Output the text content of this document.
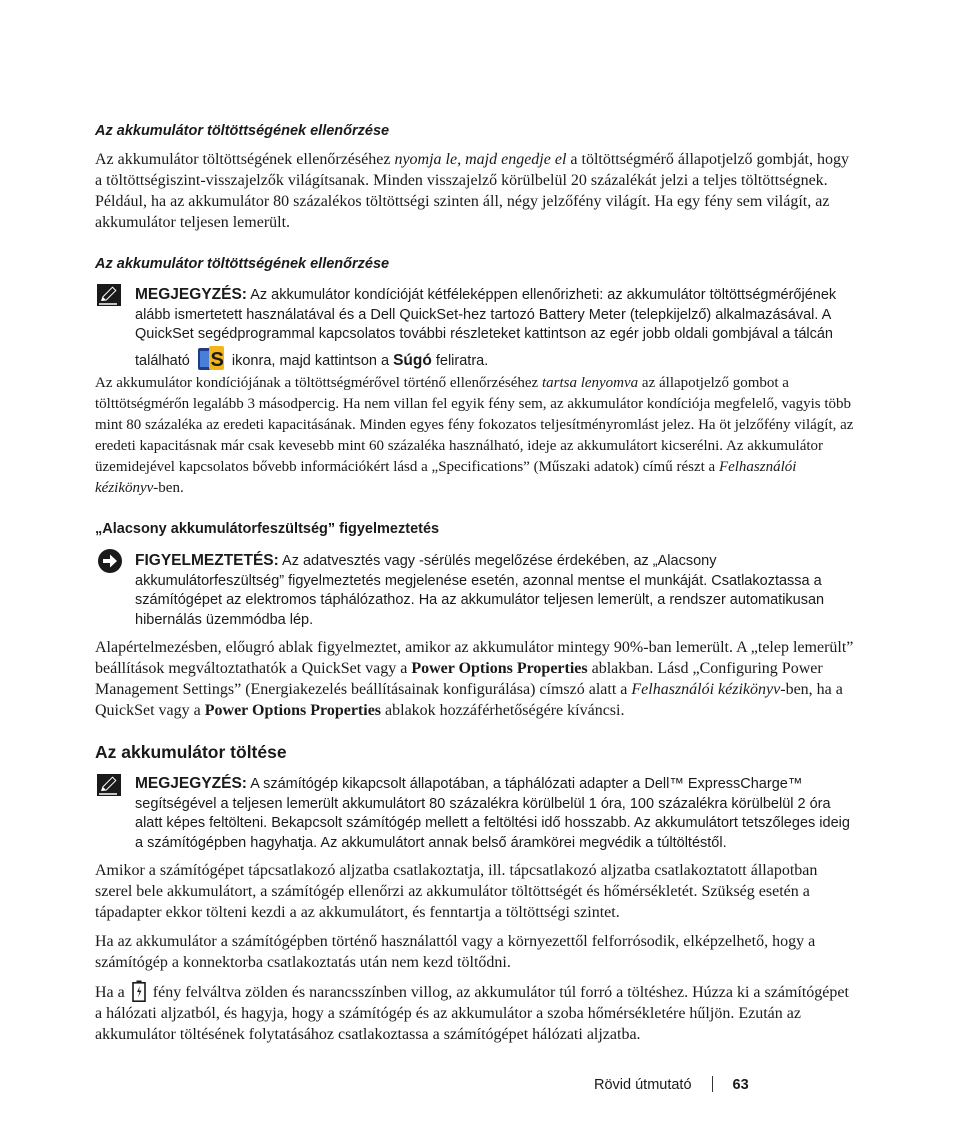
Az akkumulátor töltöttségének ellenőrzése
Az akkumulátor töltöttségének ellenőrzéséhez nyomja le, majd engedje el a töltöttségmérő állapotjelző gombját, hogy a töltöttségiszint-visszajelzők világítsanak. Minden visszajelző körülbelül 20 százalékát jelzi a teljes töltöttségnek. Például, ha az akkumulátor 80 százalékos töltöttségi szinten áll, négy jelzőfény világít. Ha egy fény sem világít, az akkumulátor teljesen lemerült.
Az akkumulátor töltöttségének ellenőrzése
MEGJEGYZÉS: Az akkumulátor kondícióját kétféleképpen ellenőrizheti: az akkumulátor töltöttségmérőjének alább ismertetett használatával és a Dell QuickSet-hez tartozó Battery Meter (telepkijelző) alkalmazásával. A QuickSet segédprogrammal kapcsolatos további részleteket kattintson az egér jobb oldali gombjával a tálcán található S ikonra, majd kattintson a Súgó feliratra.
Az akkumulátor kondíciójának a töltöttségmérővel történő ellenőrzéséhez tartsa lenyomva az állapotjelző gombot a tölttötségmérőn legalább 3 másodpercig. Ha nem villan fel egyik fény sem, az akkumulátor kondíciója megfelelő, vagyis több mint 80 százaléka az eredeti kapacitásának. Minden egyes fény fokozatos teljesítményromlást jelez. Ha öt jelzőfény világít, az eredeti kapacitásnak már csak kevesebb mint 60 százaléka használható, ideje az akkumulátort kicserélni. Az akkumulátor üzemidejével kapcsolatos bővebb információkért lásd a „Specifications” (Műszaki adatok) című részt a Felhasználói kézikönyv-ben.
„Alacsony akkumulátorfeszültség” figyelmeztetés
FIGYELMEZTETÉS: Az adatvesztés vagy -sérülés megelőzése érdekében, az „Alacsony akkumulátorfeszültség” figyelmeztetés megjelenése esetén, azonnal mentse el munkáját. Csatlakoztassa a számítógépet az elektromos táphálózathoz. Ha az akkumulátor teljesen lemerült, a rendszer automatikusan hibernálás üzemmódba lép.
Alapértelmezésben, előugró ablak figyelmeztet, amikor az akkumulátor mintegy 90%-ban lemerült. A „telep lemerült” beállítások megváltoztathatók a QuickSet vagy a Power Options Properties ablakban. Lásd „Configuring Power Management Settings” (Energiakezelés beállításainak konfigurálása) címszó alatt a Felhasználói kézikönyv-ben, ha a QuickSet vagy a Power Options Properties ablakok hozzáférhetőségére kíváncsi.
Az akkumulátor töltése
MEGJEGYZÉS: A számítógép kikapcsolt állapotában, a táphálózati adapter a Dell™ ExpressCharge™ segítségével a teljesen lemerült akkumulátort 80 százalékra körülbelül 1 óra, 100 százalékra körülbelül 2 óra alatt képes feltölteni. Bekapcsolt számítógép mellett a feltöltési idő hosszabb. Az akkumulátort tetszőleges ideig a számítógépben hagyhatja. Az akkumulátort annak belső áramkörei megvédik a túltöltéstől.
Amikor a számítógépet tápcsatlakozó aljzatba csatlakoztatja, ill. tápcsatlakozó aljzatba csatlakoztatott állapotban szerel bele akkumulátort, a számítógép ellenőrzi az akkumulátor töltöttségét és hőmérsékletét. Szükség esetén a tápadapter ekkor tölteni kezdi a az akkumulátort, és fenntartja a töltöttségi szintet.
Ha az akkumulátor a számítógépben történő használattól vagy a környezettől felforrósodik, elképzelhető, hogy a számítógép a konnektorba csatlakoztatás után nem kezd töltődni.
Ha a  fény felváltva zölden és narancsszínben villog, az akkumulátor túl forró a töltéshez. Húzza ki a számítógépet a hálózati aljzatból, és hagyja, hogy a számítógép és az akkumulátor a szoba hőmérsékletére hűljön. Ezután az akkumulátor töltésének folytatásához csatlakoztassa a számítógépet hálózati aljzatba.
Rövid útmutató	63
